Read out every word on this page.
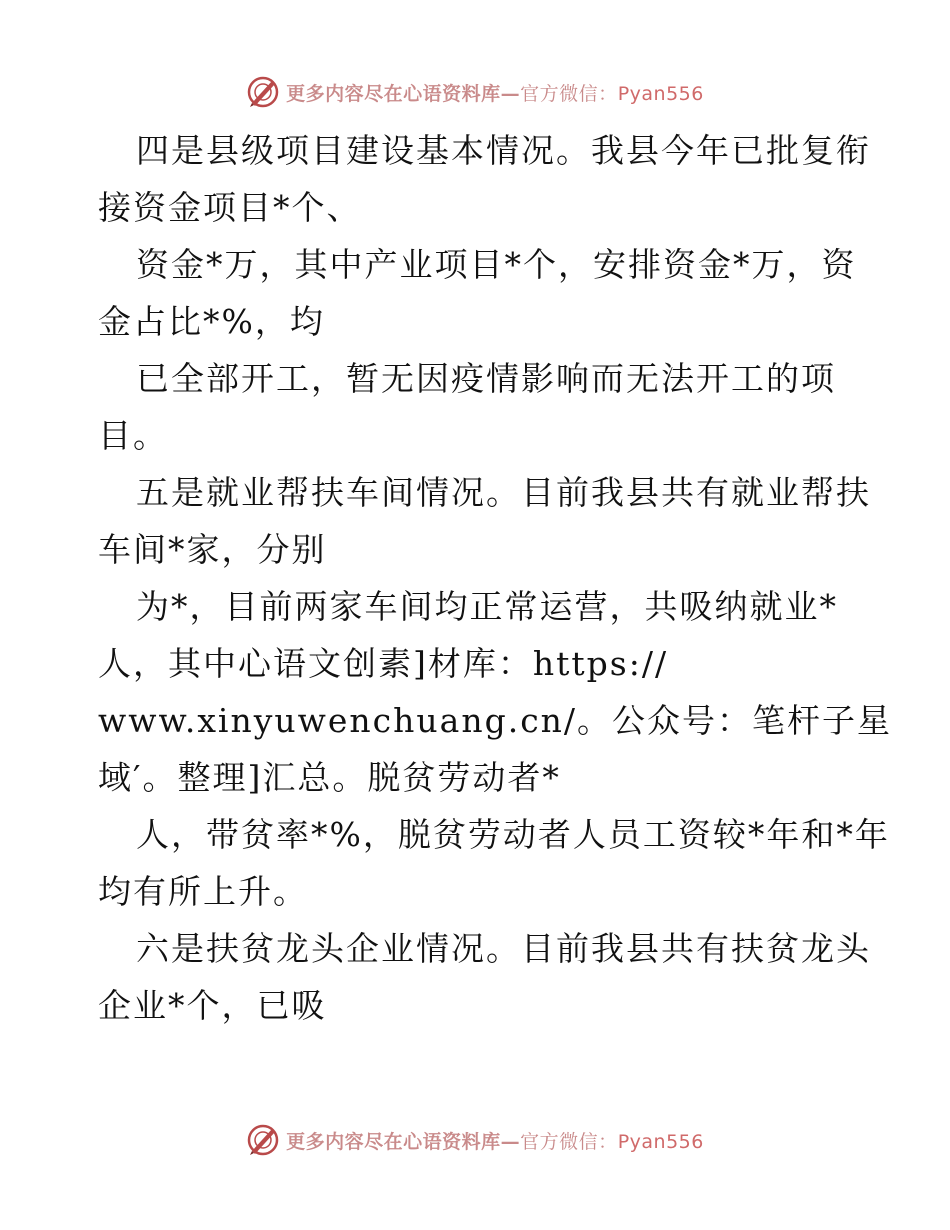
更多内容尽在心语资料库—官方微信：Pyan556
四是县级项目建设基本情况。我县今年已批复衔
接资金项目*个、
资金*万，其中产业项目*个，安排资金*万，资
金占比*%，均
已全部开工，暂无因疫情影响而无法开工的项
目。
五是就业帮扶车间情况。目前我县共有就业帮扶
车间*家，分别
为*，目前两家车间均正常运营，共吸纳就业*
人，其中心语文创素]材库：https://
www.xinyuwenchuang.cn/。公众号：笔杆子星
域′。整理]汇总。脱贫劳动者*
人，带贫率*%，脱贫劳动者人员工资较*年和*年
均有所上升。
六是扶贫龙头企业情况。目前我县共有扶贫龙头
企业*个，已吸
更多内容尽在心语资料库—官方微信：Pyan556
